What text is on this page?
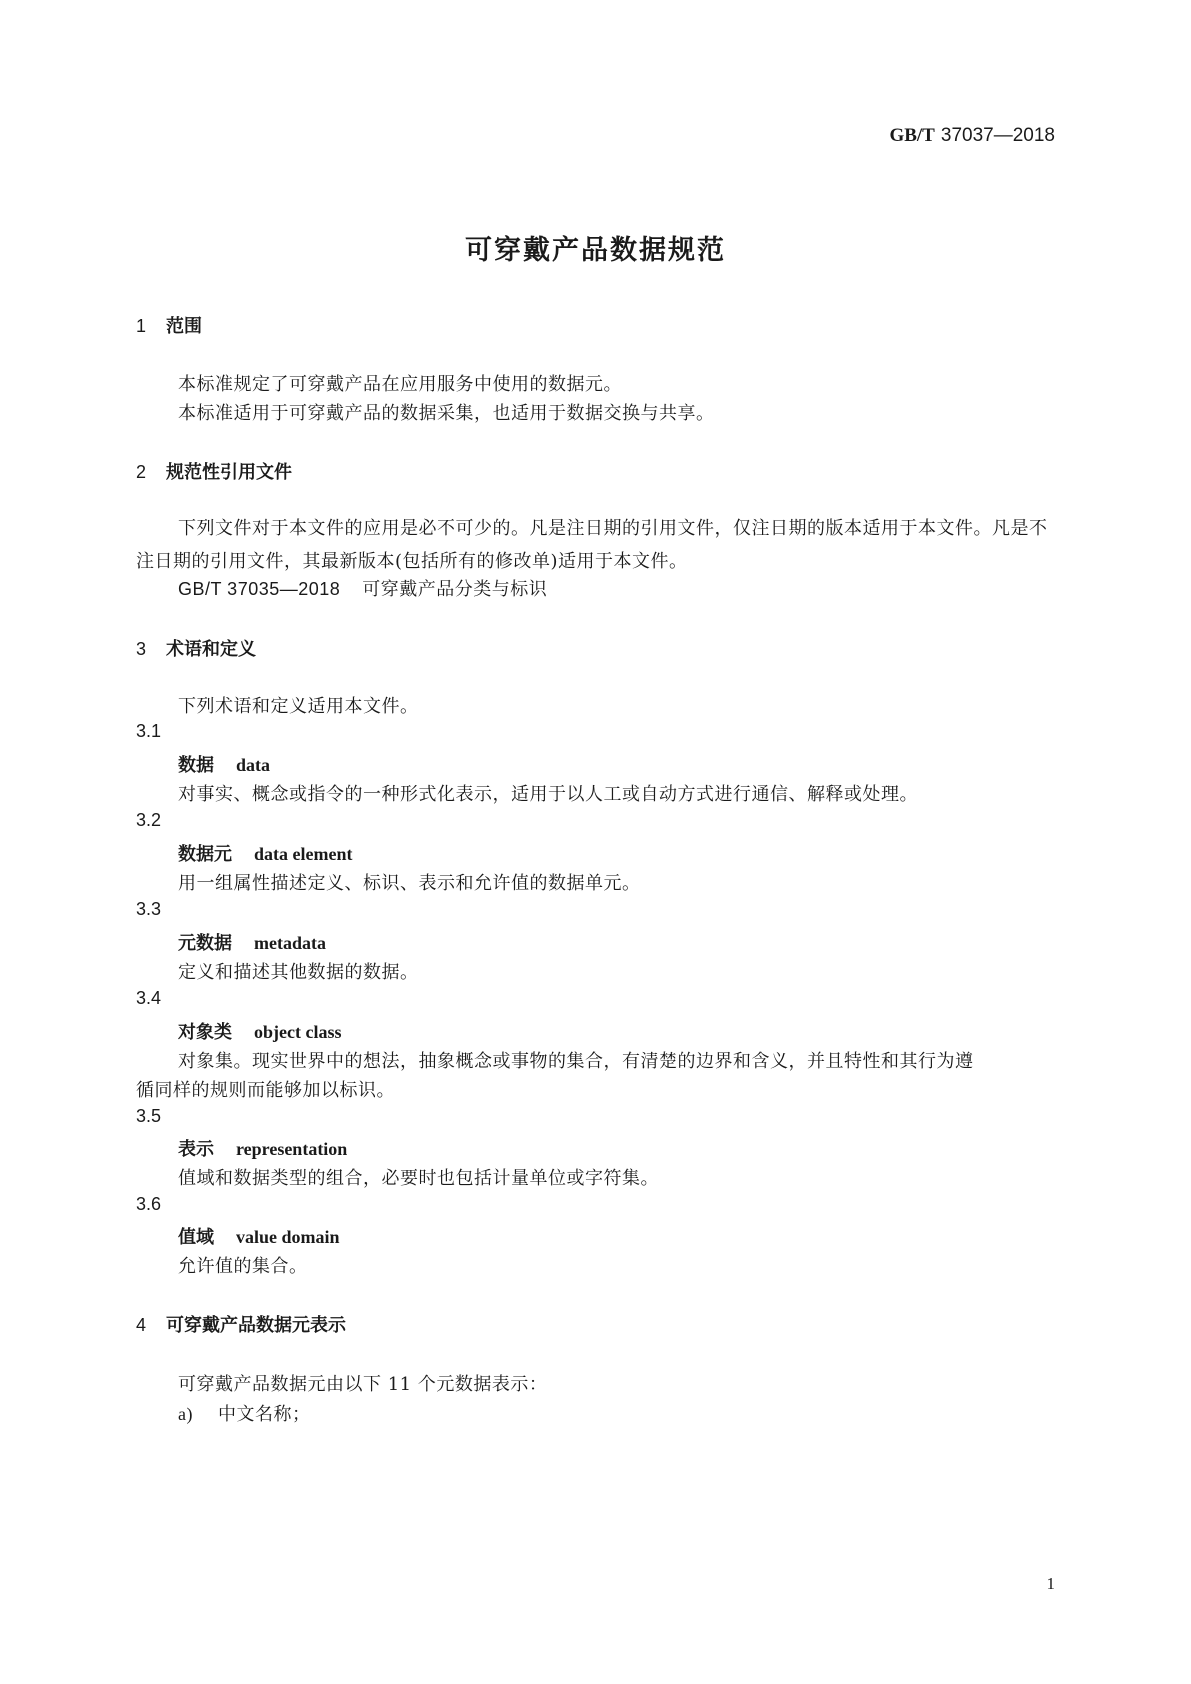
GB/T 37037—2018
可穿戴产品数据规范
1 范围
本标准规定了可穿戴产品在应用服务中使用的数据元。
本标准适用于可穿戴产品的数据采集，也适用于数据交换与共享。
2 规范性引用文件
下列文件对于本文件的应用是必不可少的。凡是注日期的引用文件，仅注日期的版本适用于本文件。凡是不注日期的引用文件，其最新版本(包括所有的修改单)适用于本文件。
GB/T 37035—2018 可穿戴产品分类与标识
3 术语和定义
下列术语和定义适用本文件。
3.1
数据 data
对事实、概念或指令的一种形式化表示，适用于以人工或自动方式进行通信、解释或处理。
3.2
数据元 data element
用一组属性描述定义、标识、表示和允许值的数据单元。
3.3
元数据 metadata
定义和描述其他数据的数据。
3.4
对象类 object class
对象集。现实世界中的想法，抽象概念或事物的集合，有清楚的边界和含义，并且特性和其行为遵
循同样的规则而能够加以标识。
3.5
表示 representation
值域和数据类型的组合，必要时也包括计量单位或字符集。
3.6
值域 value domain
允许值的集合。
4 可穿戴产品数据元表示
可穿戴产品数据元由以下 11 个元数据表示：
a) 中文名称；
1
